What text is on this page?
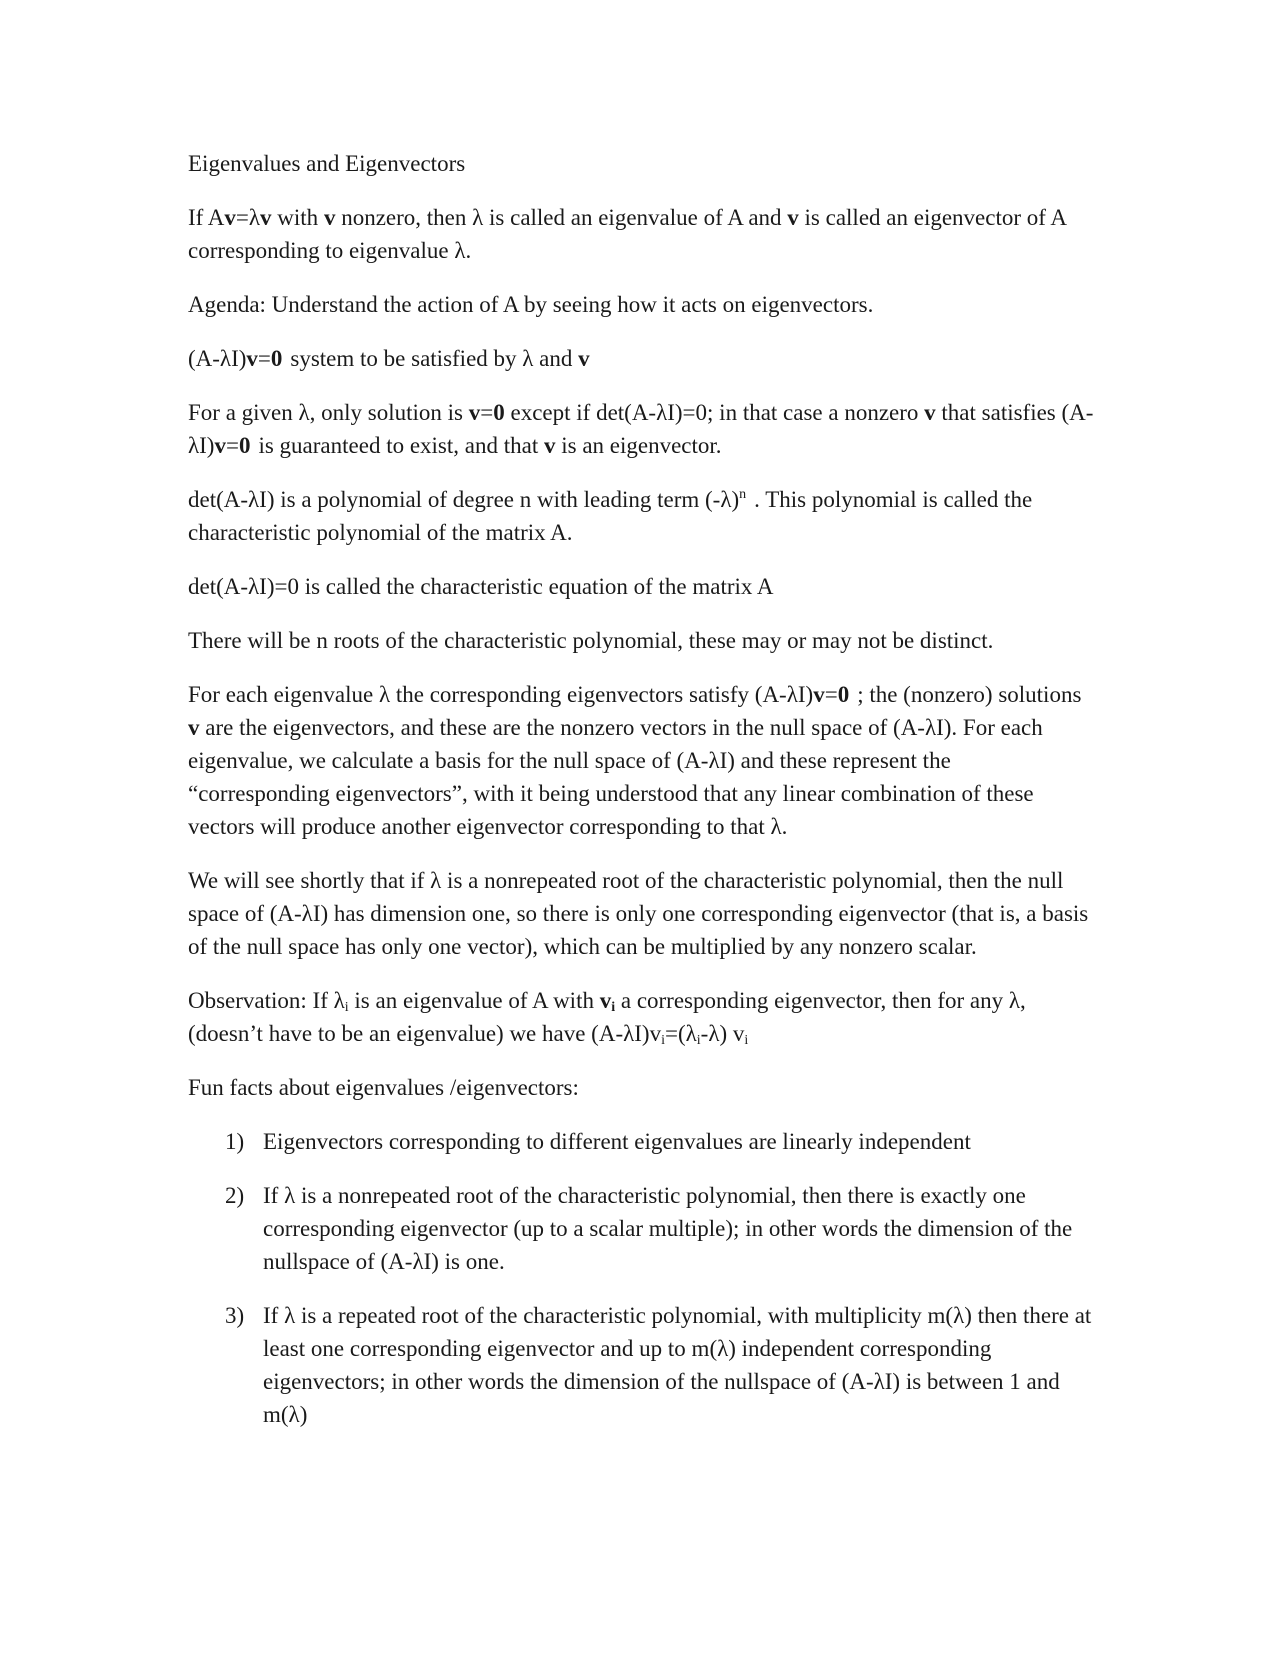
Eigenvalues and Eigenvectors

If Av=λv with v nonzero, then λ is called an eigenvalue of A and v is called an eigenvector of A corresponding to eigenvalue λ.

Agenda: Understand the action of A by seeing how it acts on eigenvectors.

(A-λI)v=0 system to be satisfied by λ and v

For a given λ, only solution is v=0 except if det(A-λI)=0; in that case a nonzero v that satisfies (A-λI)v=0 is guaranteed to exist, and that v is an eigenvector.

det(A-λI) is a polynomial of degree n with leading term $(-\lambda)^n$ . This polynomial is called the characteristic polynomial of the matrix A.

det(A-λI)=0 is called the characteristic equation of the matrix A

There will be n roots of the characteristic polynomial, these may or may not be distinct.

For each eigenvalue λ the corresponding eigenvectors satisfy (A-λI)v=0 ; the (nonzero) solutions v are the eigenvectors, and these are the nonzero vectors in the null space of (A-λI). For each eigenvalue, we calculate a basis for the null space of (A-λI) and these represent the “corresponding eigenvectors”, with it being understood that any linear combination of these vectors will produce another eigenvector corresponding to that λ.

We will see shortly that if λ is a nonrepeated root of the characteristic polynomial, then the null space of (A-λI) has dimension one, so there is only one corresponding eigenvector (that is, a basis of the null space has only one vector), which can be multiplied by any nonzero scalar.

Observation: If $\lambda_i$ is an eigenvalue of A with $v_i$ a corresponding eigenvector, then for any λ, (doesn’t have to be an eigenvalue) we have $(A-\lambda I)v_i=(\lambda_i-\lambda)$ $v_i$

Fun facts about eigenvalues /eigenvectors:

1) Eigenvectors corresponding to different eigenvalues are linearly independent
2) If λ is a nonrepeated root of the characteristic polynomial, then there is exactly one corresponding eigenvector (up to a scalar multiple); in other words the dimension of the nullspace of (A-λI) is one.
3) If λ is a repeated root of the characteristic polynomial, with multiplicity m(λ) then there at least one corresponding eigenvector and up to m(λ) independent corresponding eigenvectors; in other words the dimension of the nullspace of (A-λI) is between 1 and m(λ)
